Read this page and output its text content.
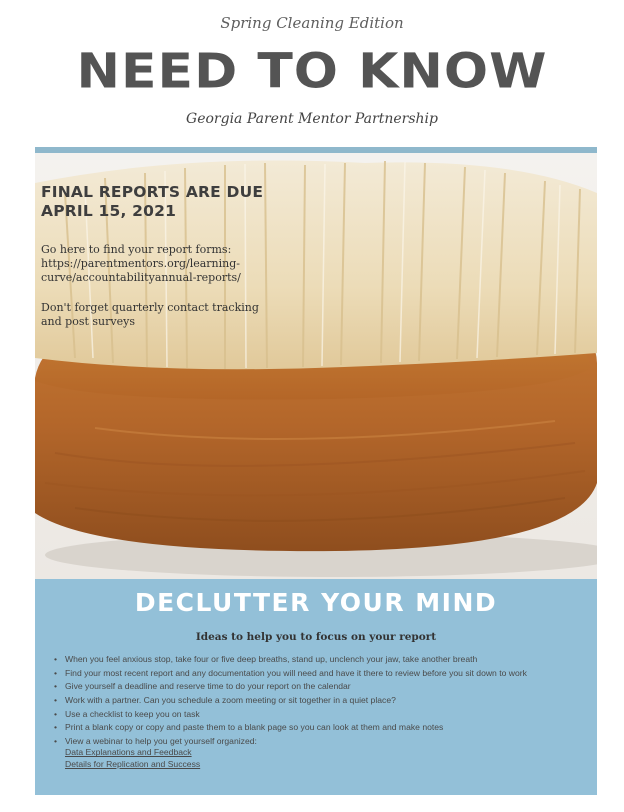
Spring Cleaning Edition
NEED TO KNOW
Georgia Parent Mentor Partnership
FINAL REPORTS ARE DUE
APRIL 15, 2021
Go here to find your report forms:
https://parentmentors.org/learning-
curve/accountabilityannual-reports/
Don't forget quarterly contact tracking
and post surveys
DECLUTTER YOUR MIND
Ideas to help you to focus on your report
• When you feel anxious stop, take four or five deep breaths, stand up, unclench your jaw, take another breath
• Find your most recent report and any documentation you will need and have it there to review before you sit down to work
• Give yourself a deadline and reserve time to do your report on the calendar
• Work with a partner. Can you schedule a zoom meeting or sit together in a quiet place?
• Use a checklist to keep you on task
• Print a blank copy or copy and paste them to a blank page so you can look at them and make notes
• View a webinar to help you get yourself organized:
Data Explanations and Feedback
Details for Replication and Success
